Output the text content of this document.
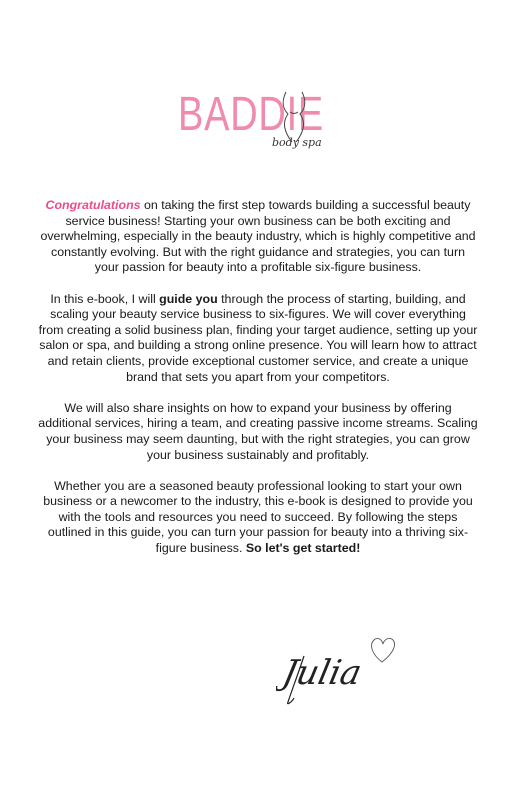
BADDIE
body spa

Congratulations on taking the first step towards building a successful beauty service business! Starting your own business can be both exciting and overwhelming, especially in the beauty industry, which is highly competitive and constantly evolving. But with the right guidance and strategies, you can turn your passion for beauty into a profitable six-figure business.

In this e-book, I will guide you through the process of starting, building, and scaling your beauty service business to six-figures. We will cover everything from creating a solid business plan, finding your target audience, setting up your salon or spa, and building a strong online presence. You will learn how to attract and retain clients, provide exceptional customer service, and create a unique brand that sets you apart from your competitors.

We will also share insights on how to expand your business by offering additional services, hiring a team, and creating passive income streams. Scaling your business may seem daunting, but with the right strategies, you can grow your business sustainably and profitably.

Whether you are a seasoned beauty professional looking to start your own business or a newcomer to the industry, this e-book is designed to provide you with the tools and resources you need to succeed. By following the steps outlined in this guide, you can turn your passion for beauty into a thriving six-figure business. So let's get started!

Julia
